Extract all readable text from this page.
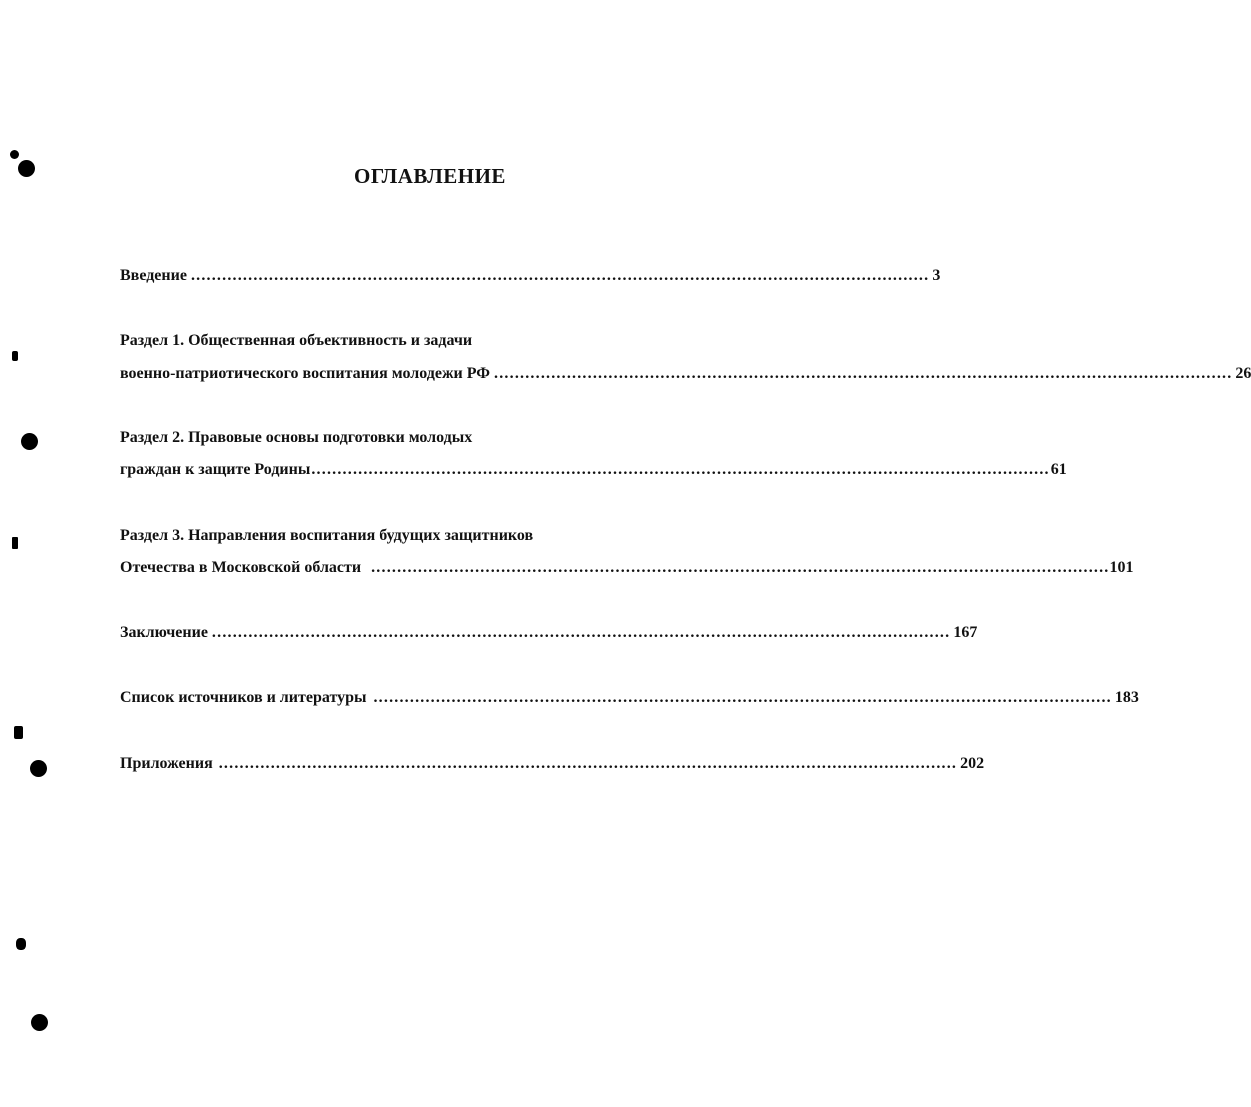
ОГЛАВЛЕНИЕ
Введение .............................................................................................................................................. 3
Раздел 1. Общественная объективность и задачи
военно-патриотического воспитания молодежи РФ .............................................................................................................................................. 26
Раздел 2. Правовые основы подготовки молодых
граждан к защите Родины .............................................................................................................................................. 61
Раздел 3. Направления воспитания будущих защитников
Отечества в Московской области .............................................................................................................................................. 101
Заключение .............................................................................................................................................. 167
Список источников и литературы .............................................................................................................................................. 183
Приложения .............................................................................................................................................. 202
